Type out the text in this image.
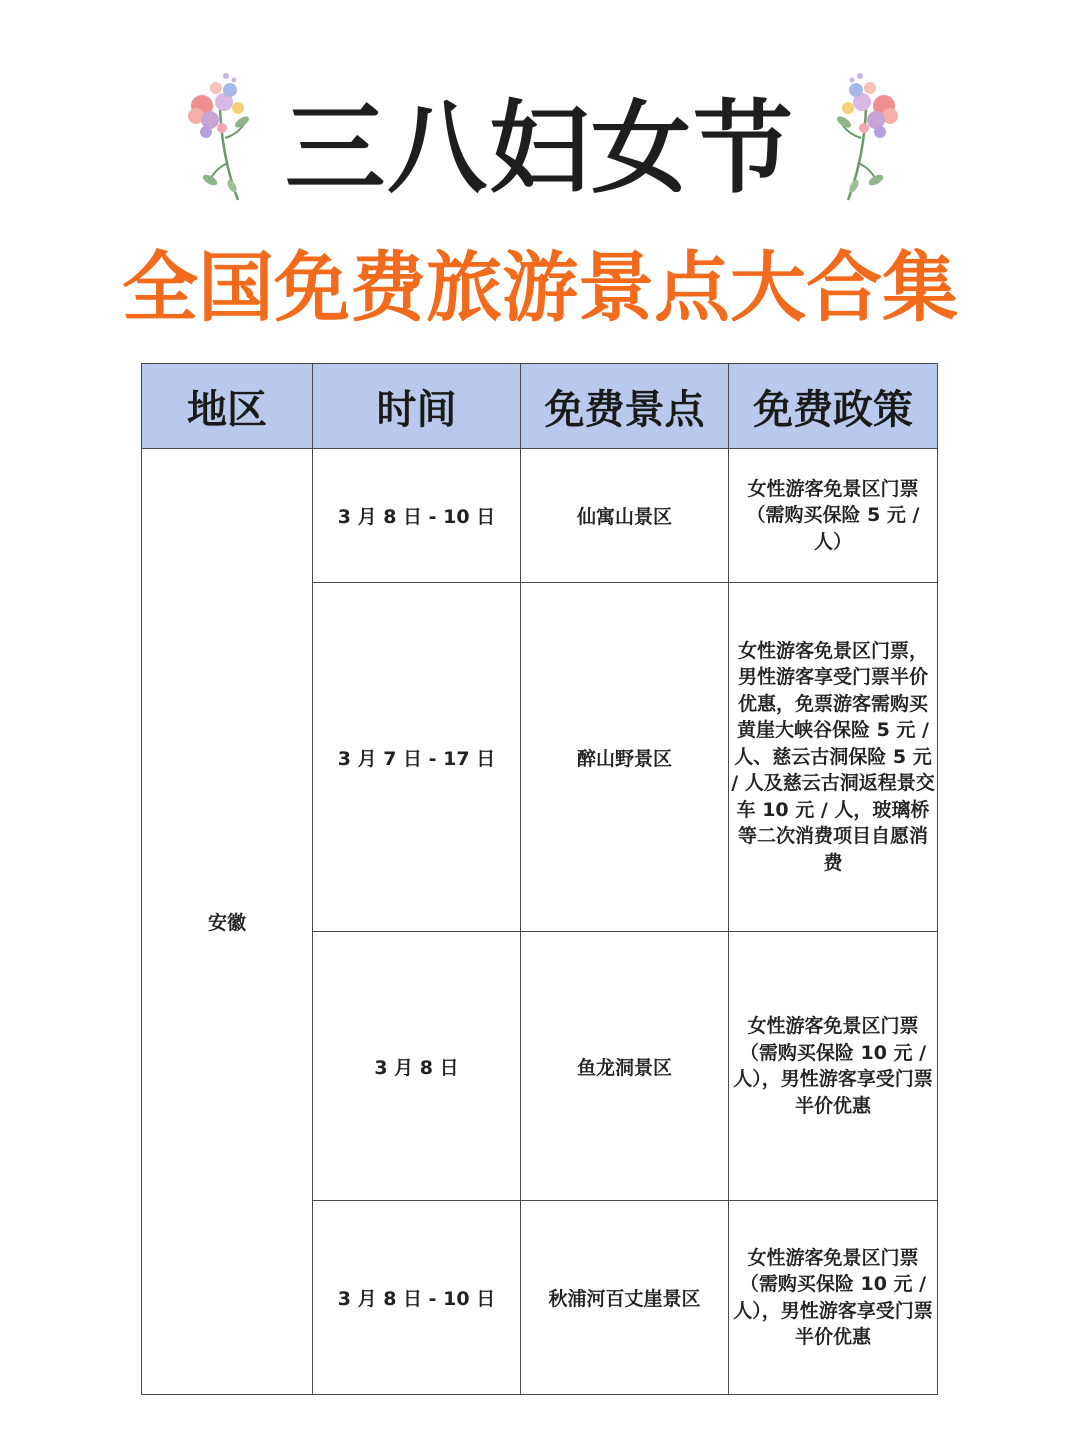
三八妇女节
全国免费旅游景点大合集
地区	时间	免费景点	免费政策
安徽	3 月 8 日 - 10 日	仙寓山景区	女性游客免景区门票（需购买保险 5 元 / 人）
	3 月 7 日 - 17 日	醉山野景区	女性游客免景区门票，男性游客享受门票半价优惠，免票游客需购买黄崖大峡谷保险 5 元 / 人、慈云古洞保险 5 元 / 人及慈云古洞返程景交车 10 元 / 人，玻璃桥等二次消费项目自愿消费
	3 月 8 日	鱼龙洞景区	女性游客免景区门票（需购买保险 10 元 / 人），男性游客享受门票半价优惠
	3 月 8 日 - 10 日	秋浦河百丈崖景区	女性游客免景区门票（需购买保险 10 元 / 人），男性游客享受门票半价优惠
